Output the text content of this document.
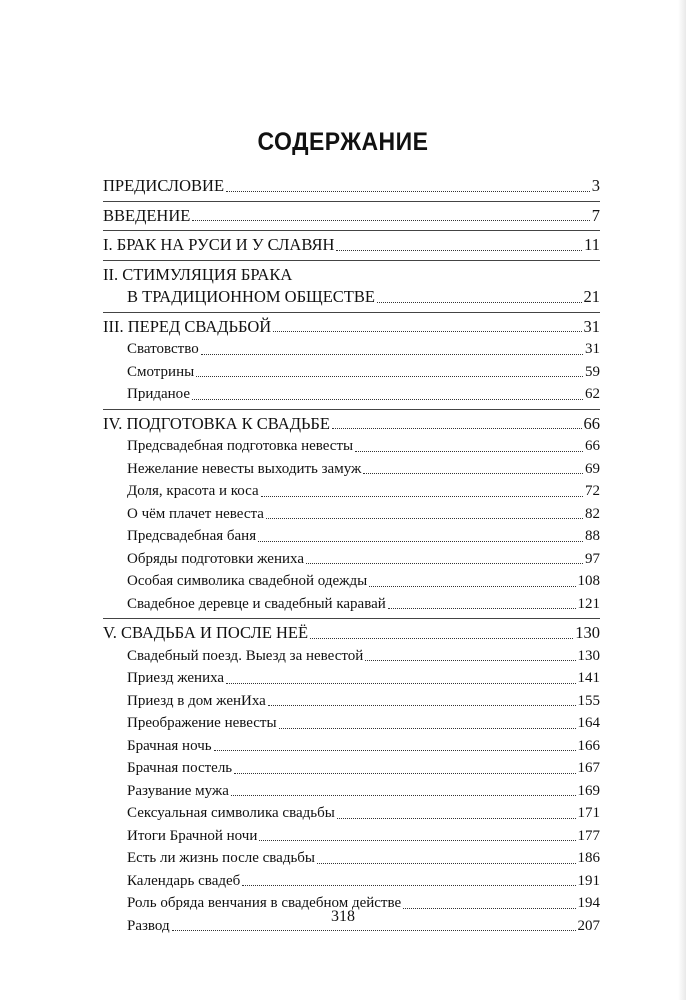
СОДЕРЖАНИЕ
ПРЕДИСЛОВИЕ	3
ВВЕДЕНИЕ	7
I. БРАК НА РУСИ И У СЛАВЯН	11
II. СТИМУЛЯЦИЯ БРАКА
В ТРАДИЦИОННОМ ОБЩЕСТВЕ	21
III. ПЕРЕД СВАДЬБОЙ	31
Сватовство	31
Смотрины	59
Приданое	62
IV. ПОДГОТОВКА К СВАДЬБЕ	66
Предсвадебная подготовка невесты	66
Нежелание невесты выходить замуж	69
Доля, красота и коса	72
О чём плачет невеста	82
Предсвадебная баня	88
Обряды подготовки жениха	97
Особая символика свадебной одежды	108
Свадебное деревце и свадебный каравай	121
V. СВАДЬБА И ПОСЛЕ НЕЁ	130
Свадебный поезд. Выезд за невестой	130
Приезд жениха	141
Приезд в дом женИха	155
Преображение невесты	164
Брачная ночь	166
Брачная постель	167
Разувание мужа	169
Сексуальная символика свадьбы	171
Итоги Брачной ночи	177
Есть ли жизнь после свадьбы	186
Календарь свадеб	191
Роль обряда венчания в свадебном действе	194
Развод	207
318
